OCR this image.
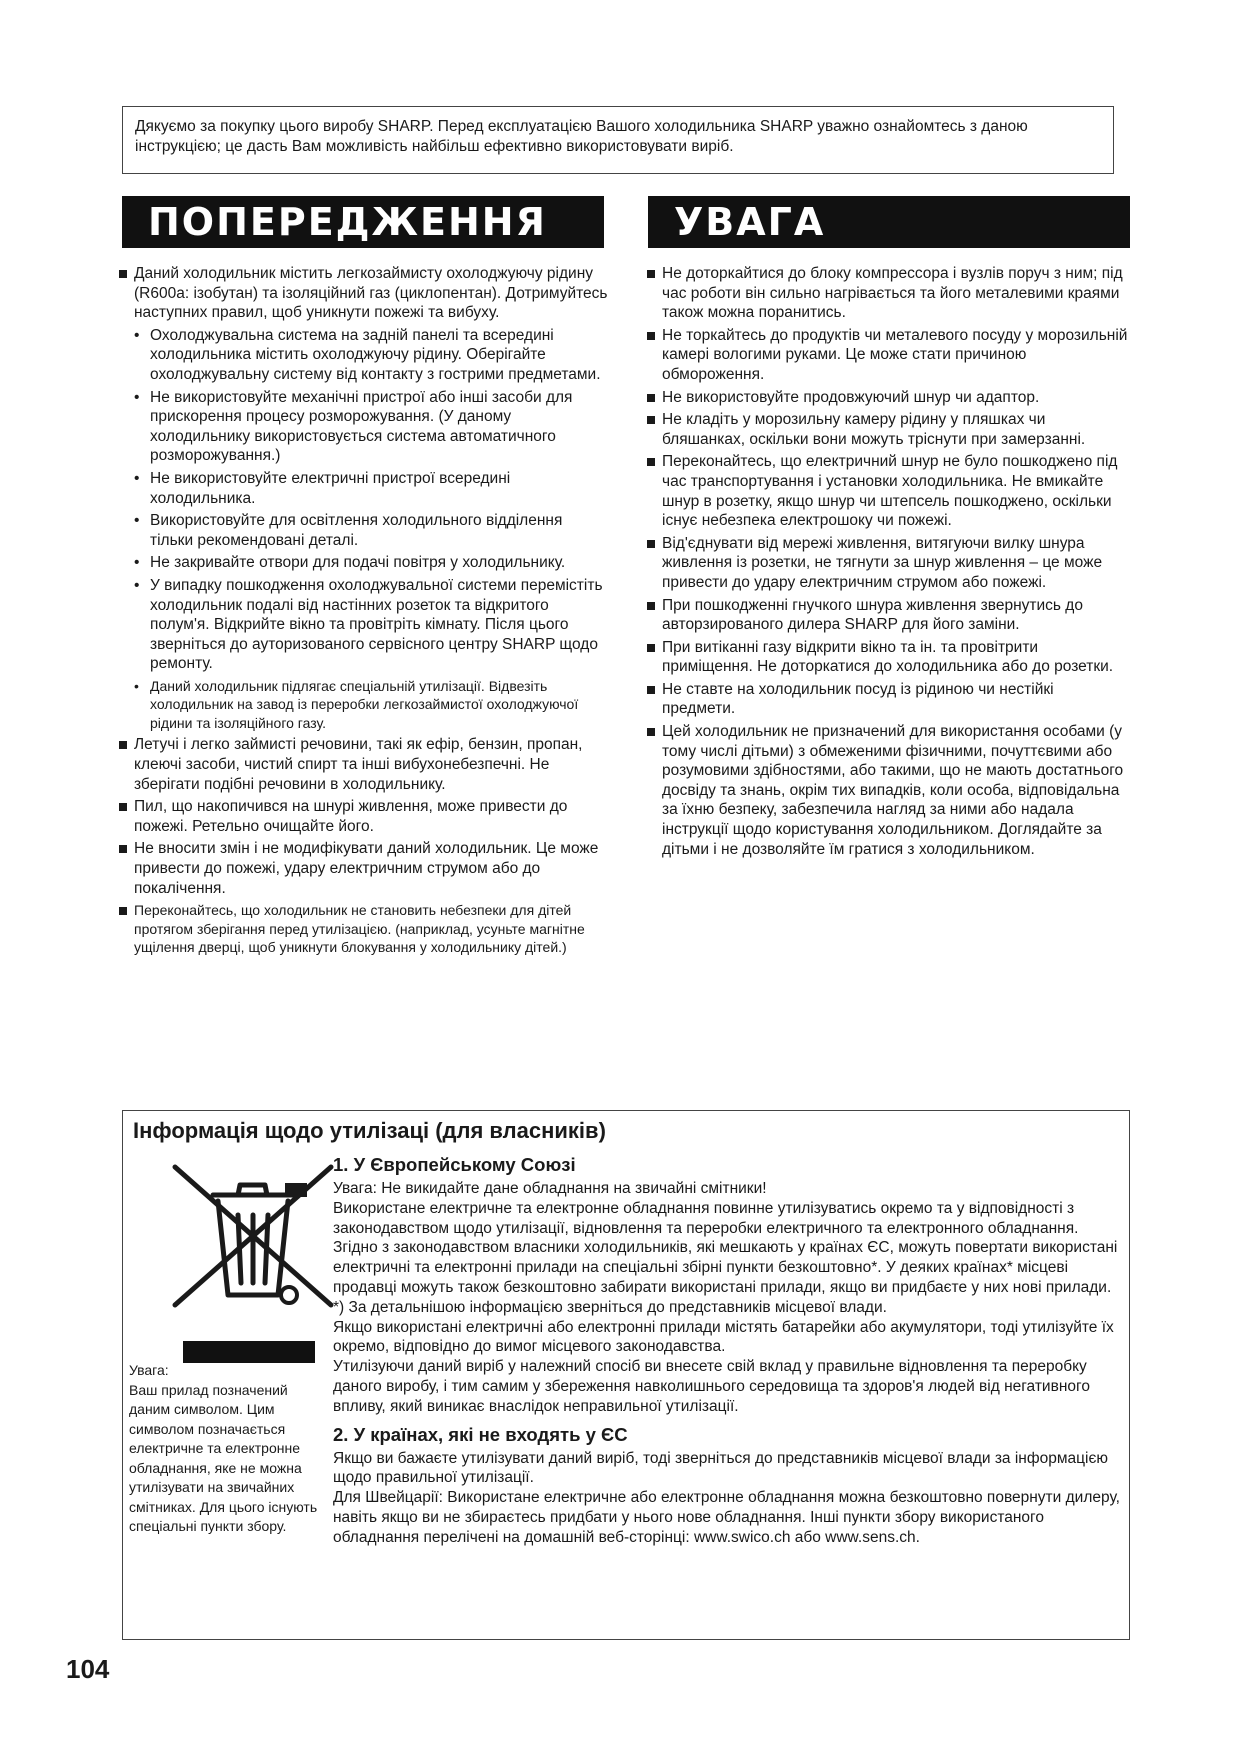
Дякуємо за покупку цього виробу SHARP. Перед експлуатацією Вашого холодильника SHARP уважно ознайомтесь з даною інструкцією; це дасть Вам можливість найбільш ефективно використовувати виріб.
ПОПЕРЕДЖЕННЯ	УВАГА

Даний холодильник містить легкозаймисту охолоджуючу рідину (R600a: ізобутан) та ізоляційний газ (циклопентан). Дотримуйтесь наступних правил, щоб уникнути пожежі та вибуху.

• Охолоджувальна система на задній панелі та всередині холодильника містить охолоджуючу рідину. Оберігайте охолоджувальну систему від контакту з гострими предметами.

• Не використовуйте механічні пристрої або інші засоби для прискорення процесу розморожування. (У даному холодильнику використовується система автоматичного розморожування.)

• Не використовуйте електричні пристрої всередині холодильника.

• Використовуйте для освітлення холодильного відділення тільки рекомендовані деталі.

• Не закривайте отвори для подачі повітря у холодильнику.

• У випадку пошкодження охолоджувальної системи перемістіть холодильник подалі від настінних розеток та відкритого полум'я. Відкрийте вікно та провітріть кімнату. Після цього зверніться до ауторизованого сервісного центру SHARP щодо ремонту.

• Даний холодильник підлягає спеціальній утилізації. Відвезіть холодильник на завод із переробки легкозаймистої охолоджуючої рідини та ізоляційного газу.

Летучі і легко займисті речовини, такі як ефір, бензин, пропан, клеючі засоби, чистий спирт та інші вибухонебезпечні. Не зберігати подібні речовини в холодильнику.

Пил, що накопичився на шнурі живлення, може привести до пожежі. Ретельно очищайте його.

Не вносити змін і не модифікувати даний холодильник. Це може привести до пожежі, удару електричним струмом або до покалічення.

Переконайтесь, що холодильник не становить небезпеки для дітей протягом зберігання перед утилізацією. (наприклад, усуньте магнітне ущілення дверці, щоб уникнути блокування у холодильнику дітей.)

Не доторкайтися до блоку компрессора і вузлів поруч з ним; під час роботи він сильно нагрівається та його металевими краями також можна поранитись.

Не торкайтесь до продуктів чи металевого посуду у морозильній камері вологими руками. Це може стати причиною обмороження.

Не використовуйте продовжуючий шнур чи адаптор.

Не кладіть у морозильну камеру рідину у пляшках чи бляшанках, оскільки вони можуть тріснути при замерзанні.

Переконайтесь, що електричний шнур не було пошкоджено під час транспортування і установки холодильника. Не вмикайте шнур в розетку, якщо шнур чи штепсель пошкоджено, оскільки існує небезпека електрошоку чи пожежі.

Від'єднувати від мережі живлення, витягуючи вилку шнура живлення із розетки, не тягнути за шнур живлення – це може привести до удару електричним струмом або пожежі.

При пошкодженні гнучкого шнура живлення звернутись до авторзированого дилера SHARP для його заміни.

При витіканні газу відкрити вікно та ін. та провітрити приміщення. Не доторкатися до холодильника або до розетки.

Не ставте на холодильник посуд із рідиною чи нестійкі предмети.

Цей холодильник не призначений для використання особами (у тому числі дітьми) з обмеженими фізичними, почуттєвими або розумовими здібностями, або такими, що не мають достатнього досвіду та знань, окрім тих випадків, коли особа, відповідальна за їхню безпеку, забезпечила нагляд за ними або надала інструкції щодо користування холодильником. Доглядайте за дітьми і не дозволяйте їм гратися з холодильником.

Інформація щодо утилізаці (для власників)
Увага:
Ваш прилад позначений даним символом. Цим символом позначається електричне та електронне обладнання, яке не можна утилізувати на звичайних смітниках. Для цього існують спеціальні пункти збору.
1. У Європейському Союзі

Увага: Не викидайте дане обладнання на звичайні смітники!

Використане електричне та електронне обладнання повинне утилізуватись окремо та у відповідності з законодавством щодо утилізації, відновлення та переробки електричного та електронного обладнання.

Згідно з законодавством власники холодильників, які мешкають у країнах ЄС, можуть повертати використані електричні та електронні прилади на спеціальні збірні пункти безкоштовно*. У деяких країнах* місцеві продавці можуть також безкоштовно забирати використані прилади, якщо ви придбаєте у них нові прилади.

*) За детальнішою інформацією зверніться до представників місцевої влади.

Якщо використані електричні або електронні прилади містять батарейки або акумулятори, тоді утилізуйте їх окремо, відповідно до вимог місцевого законодавства.

Утилізуючи даний виріб у належний спосіб ви внесете свій вклад у правильне відновлення та переробку даного виробу, і тим самим у збереження навколишнього середовища та здоров'я людей від негативного впливу, який виникає внаслідок неправильної утилізації.

2. У країнах, які не входять у ЄС

Якщо ви бажаєте утилізувати даний виріб, тоді зверніться до представників місцевої влади за інформацією щодо правильної утилізації.

Для Швейцарії: Використане електричне або електронне обладнання можна безкоштовно повернути дилеру, навіть якщо ви не збираєтесь придбати у нього нове обладнання. Інші пункти збору використаного обладнання перелічені на домашній веб-сторінці: www.swico.ch або www.sens.ch.

104
